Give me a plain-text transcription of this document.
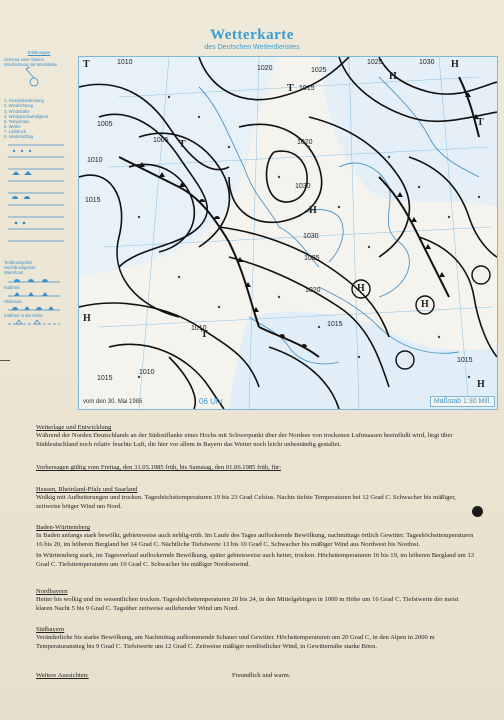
Wetterkarte
des Deutschen Wetterdienstes
Erklärungen
Schema einer Station
Windrichtung mit Windstärke
1. Gesamtbedeckung
2. Windrichtung
3. Windstärke
4. Windgeschwindigkeit
5. Temperatur
6. Wetter
7. Luftdruck
8. Niederschlag
Tiefdruckgebiet
Hochdruckgebiet
Warmfront
Kaltfront
Okklusion
Kaltfront in der Höhe
1010
1020
1015
1025
1025	1030
1005
1010
1015
1005	1020
1030
1030
1025
1020
1015
1010
1015
1010
1015
T
T
T
H
H
H
H
T
T
H
H
H
vom den 30. Mai 1985	06 Uhr	Maßstab 1:30 Mill.
Wetterlage und Entwicklung
Während der Norden Deutschlands an der Südostflanke eines Hochs mit Schwerpunkt über der Nordsee von trockenen Luftmassen beeinflußt wird, liegt über Süddeutschland noch relativ feuchte Luft, die hier vor allem in Bayern das Wetter noch leicht unbeständig gestaltet.
Vorhersagen gültig vom Freitag, den 31.05.1985 früh, bis Samstag, den 01.06.1985 früh, für:
Hessen, Rheinland-Pfalz und Saarland
Wolkig mit Aufheiterungen und trocken. Tageshöchsttemperaturen 19 bis 23 Grad Celsius. Nachts tiefste Temperaturen bei 12 Grad C. Schwacher bis mäßiger, zeitweise böiger Wind um Nord.
Baden-Württemberg
In Baden anfangs stark bewölkt, gebietsweise auch neblig-trüb. Im Laufe des Tages auflockernde Bewölkung, nachmittags örtlich Gewitter. Tageshöchsttemperaturen 16 bis 20, im höheren Bergland bei 14 Grad C. Nächtliche Tiefstwerte 13 bis 10 Grad C. Schwacher bis mäßiger Wind aus Nordwest bis Nordost.
In Württemberg stark, im Tagesverlauf auflockernde Bewölkung, später gebietsweise auch heiter, trocken. Höchsttemperaturen 16 bis 19, im höheren Bergland um 13 Grad C. Tiefsttemperaturen um 10 Grad C. Schwacher bis mäßiger Nordostwind.
Nordbayern
Heiter bis wolkig und im wesentlichen trocken. Tageshöchsttemperaturen 20 bis 24, in den Mittelgebirgen in 1000 m Höhe um 16 Grad C. Tiefstwerte der meist klaren Nacht 5 bis 9 Grad C. Tagsüber zeitweise auflebender Wind um Nord.
Südbayern
Veränderliche bis starke Bewölkung, am Nachmittag aufkommende Schauer und Gewitter. Höchsttemperaturen um 20 Grad C, in den Alpen in 2000 m Temperaturanstieg bis 9 Grad C. Tiefstwerte um 12 Grad C. Zeitweise mäßiger nordöstlicher Wind, in Gewitternähe starke Böen.
Weitere Aussichten:	Freundlich und warm.
